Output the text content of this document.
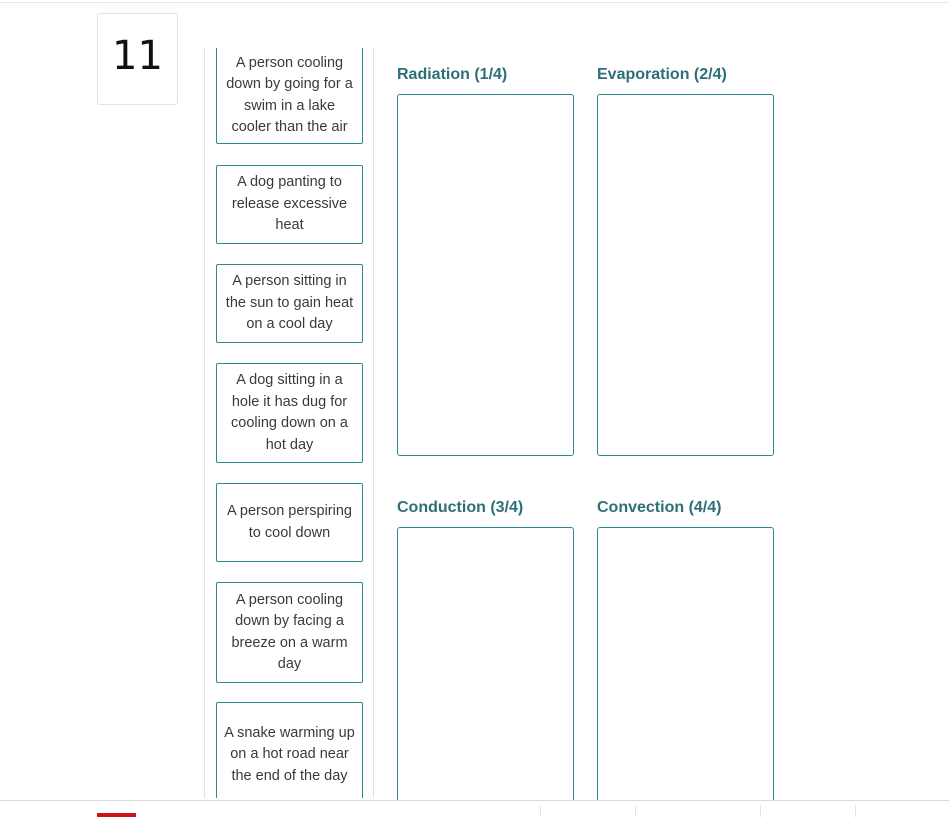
11	A person cooling down by going for a swim in a lake cooler than the air
A dog panting to release excessive heat
A person sitting in the sun to gain heat on a cool day
A dog sitting in a hole it has dug for cooling down on a hot day
A person perspiring to cool down
A person cooling down by facing a breeze on a warm day
A snake warming up on a hot road near the end of the day
Radiation (1/4)	Evaporation (2/4)
Conduction (3/4)	Convection (4/4)
